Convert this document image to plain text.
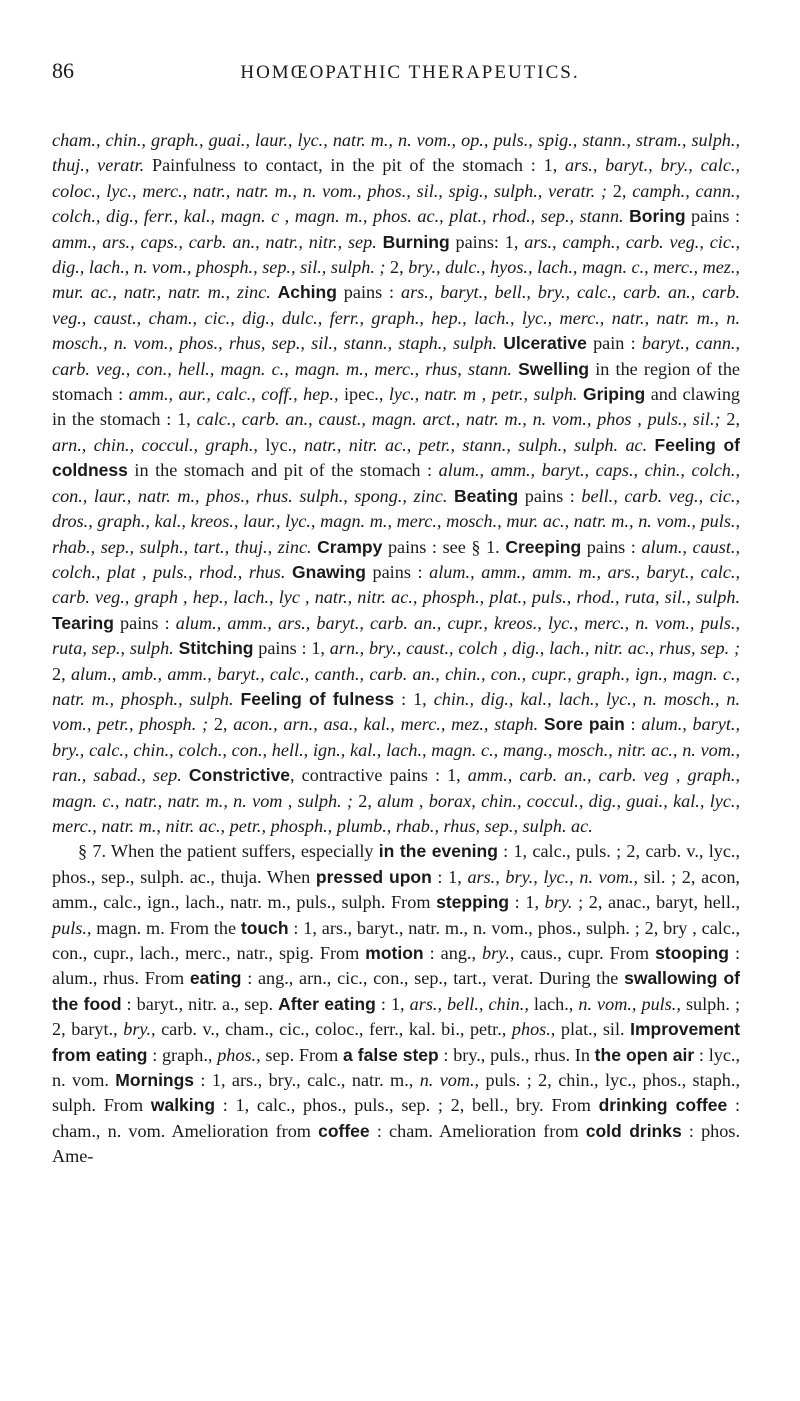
86	HOMŒOPATHIC THERAPEUTICS.

cham., chin., graph., guai., laur., lyc., natr. m., n. vom., op., puls., spig., stann., stram., sulph., thuj., veratr. Painfulness to contact, in the pit of the stomach : 1, ars., baryt., bry., calc., coloc., lyc., merc., natr., natr. m., n. vom., phos., sil., spig., sulph., veratr. ; 2, camph., cann., colch., dig., ferr., kal., magn. c , magn. m., phos. ac., plat., rhod., sep., stann. Boring pains : amm., ars., caps., carb. an., natr., nitr., sep. Burning pains: 1, ars., camph., carb. veg., cic., dig., lach., n. vom., phosph., sep., sil., sulph. ; 2, bry., dulc., hyos., lach., magn. c., merc., mez., mur. ac., natr., natr. m., zinc. Aching pains : ars., baryt., bell., bry., calc., carb. an., carb. veg., caust., cham., cic., dig., dulc., ferr., graph., hep., lach., lyc., merc., natr., natr. m., n. mosch., n. vom., phos., rhus, sep., sil., stann., staph., sulph. Ulcerative pain : baryt., cann., carb. veg., con., hell., magn. c., magn. m., merc., rhus, stann. Swelling in the region of the stomach : amm., aur., calc., coff., hep., ipec., lyc., natr. m , petr., sulph. Griping and clawing in the stomach : 1, calc., carb. an., caust., magn. arct., natr. m., n. vom., phos , puls., sil.; 2, arn., chin., coccul., graph., lyc., natr., nitr. ac., petr., stann., sulph., sulph. ac. Feeling of coldness in the stomach and pit of the stomach : alum., amm., baryt., caps., chin., colch., con., laur., natr. m., phos., rhus. sulph., spong., zinc. Beating pains : bell., carb. veg., cic., dros., graph., kal., kreos., laur., lyc., magn. m., merc., mosch., mur. ac., natr. m., n. vom., puls., rhab., sep., sulph., tart., thuj., zinc. Crampy pains : see § 1. Creeping pains : alum., caust., colch., plat , puls., rhod., rhus. Gnawing pains : alum., amm., amm. m., ars., baryt., calc., carb. veg., graph , hep., lach., lyc , natr., nitr. ac., phosph., plat., puls., rhod., ruta, sil., sulph. Tearing pains : alum., amm., ars., baryt., carb. an., cupr., kreos., lyc., merc., n. vom., puls., ruta, sep., sulph. Stitching pains : 1, arn., bry., caust., colch , dig., lach., nitr. ac., rhus, sep. ; 2, alum., amb., amm., baryt., calc., canth., carb. an., chin., con., cupr., graph., ign., magn. c., natr. m., phosph., sulph. Feeling of fulness : 1, chin., dig., kal., lach., lyc., n. mosch., n. vom., petr., phosph. ; 2, acon., arn., asa., kal., merc., mez., staph. Sore pain : alum., baryt., bry., calc., chin., colch., con., hell., ign., kal., lach., magn. c., mang., mosch., nitr. ac., n. vom., ran., sabad., sep. Constrictive, contractive pains : 1, amm., carb. an., carb. veg , graph., magn. c., natr., natr. m., n. vom , sulph. ; 2, alum , borax, chin., coccul., dig., guai., kal., lyc., merc., natr. m., nitr. ac., petr., phosph., plumb., rhab., rhus, sep., sulph. ac.

§ 7. When the patient suffers, especially in the evening : 1, calc., puls. ; 2, carb. v., lyc., phos., sep., sulph. ac., thuja. When pressed upon : 1, ars., bry., lyc., n. vom., sil. ; 2, acon, amm., calc., ign., lach., natr. m., puls., sulph. From stepping : 1, bry. ; 2, anac., baryt, hell., puls., magn. m. From the touch : 1, ars., baryt., natr. m., n. vom., phos., sulph. ; 2, bry , calc., con., cupr., lach., merc., natr., spig. From motion : ang., bry., caus., cupr. From stooping : alum., rhus. From eating : ang., arn., cic., con., sep., tart., verat. During the swallowing of the food : baryt., nitr. a., sep. After eating : 1, ars., bell., chin., lach., n. vom., puls., sulph. ; 2, baryt., bry., carb. v., cham., cic., coloc., ferr., kal. bi., petr., phos., plat., sil. Improvement from eating : graph., phos., sep. From a false step : bry., puls., rhus. In the open air : lyc., n. vom. Mornings : 1, ars., bry., calc., natr. m., n. vom., puls. ; 2, chin., lyc., phos., staph., sulph. From walking : 1, calc., phos., puls., sep. ; 2, bell., bry. From drinking coffee : cham., n. vom. Amelioration from coffee : cham. Amelioration from cold drinks : phos. Ame-
